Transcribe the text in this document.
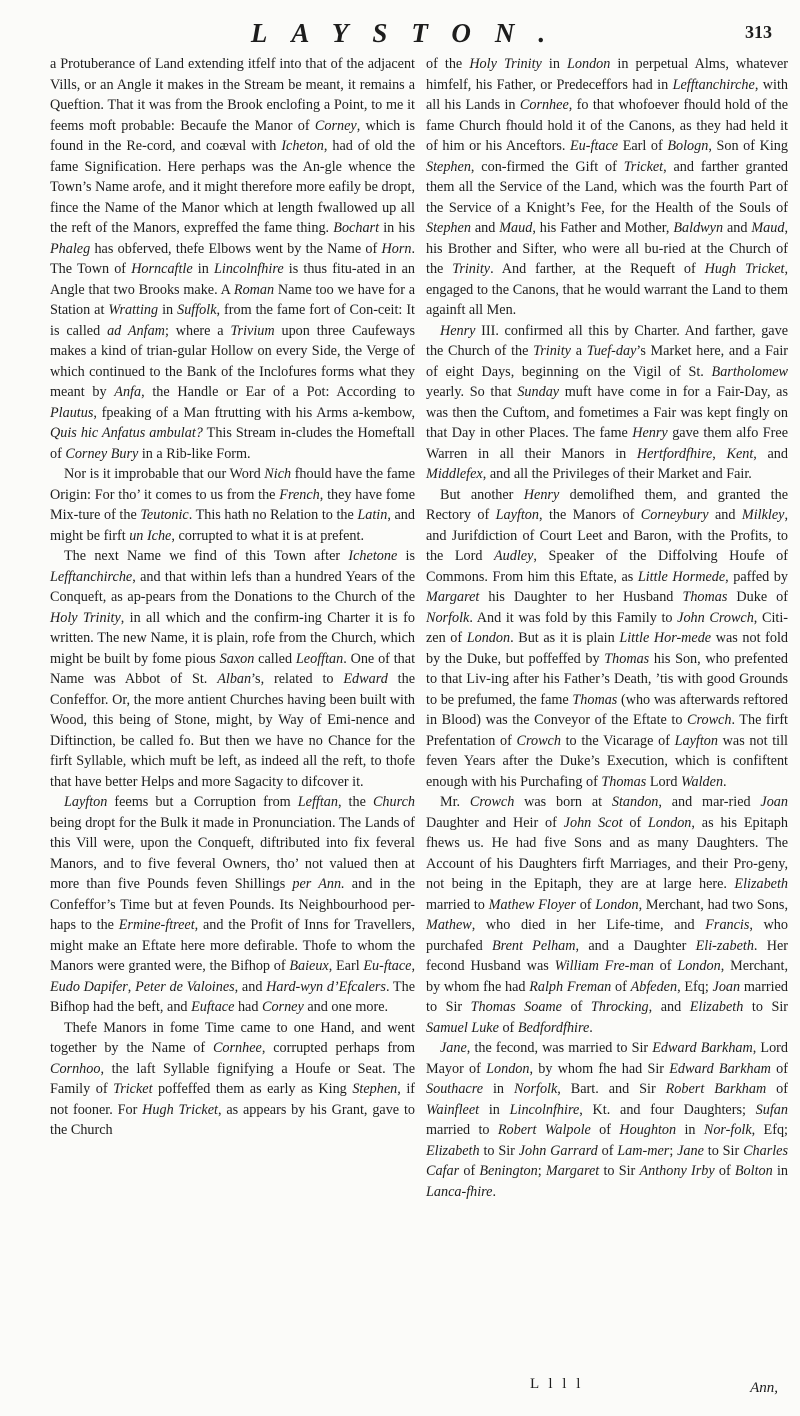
LAYSTON.	313

a Protuberance of Land extending itfelf into that of the adjacent Vills, or an Angle it makes in the Stream be meant, it remains a Queftion. That it was from the Brook enclofing a Point, to me it feems moft probable: Becaufe the Manor of Corney, which is found in the Re-cord, and coæval with Icheton, had of old the fame Signification. Here perhaps was the An-gle whence the Town’s Name arofe, and it might therefore more eafily be dropt, fince the Name of the Manor which at length fwallowed up all the reft of the Manors, expreffed the fame thing. Bochart in his Phaleg has obferved, thefe Elbows went by the Name of Horn. The Town of Horncaftle in Lincolnfhire is thus fitu-ated in an Angle that two Brooks make. A Roman Name too we have for a Station at Wratting in Suffolk, from the fame fort of Con-ceit: It is called ad Anfam; where a Trivium upon three Caufeways makes a kind of trian-gular Hollow on every Side, the Verge of which continued to the Bank of the Inclofures forms what they meant by Anfa, the Handle or Ear of a Pot: According to Plautus, fpeaking of a Man ftrutting with his Arms a-kembow, Quis hic Anfatus ambulat? This Stream in-cludes the Homeftall of Corney Bury in a Rib-like Form.

Nor is it improbable that our Word Nich fhould have the fame Origin: For tho’ it comes to us from the French, they have fome Mix-ture of the Teutonic. This hath no Relation to the Latin, and might be firft un Iche, corrupted to what it is at prefent.

The next Name we find of this Town after Ichetone is Lefftanchirche, and that within lefs than a hundred Years of the Conqueft, as ap-pears from the Donations to the Church of the Holy Trinity, in all which and the confirm-ing Charter it is fo written. The new Name, it is plain, rofe from the Church, which might be built by fome pious Saxon called Leofftan. One of that Name was Abbot of St. Alban’s, related to Edward the Confeffor. Or, the more antient Churches having been built with Wood, this being of Stone, might, by Way of Emi-nence and Diftinction, be called fo. But then we have no Chance for the firft Syllable, which muft be left, as indeed all the reft, to thofe that have better Helps and more Sagacity to difcover it.

Layfton feems but a Corruption from Lefftan, the Church being dropt for the Bulk it made in Pronunciation. The Lands of this Vill were, upon the Conqueft, diftributed into fix feveral Manors, and to five feveral Owners, tho’ not valued then at more than five Pounds feven Shillings per Ann. and in the Confeffor’s Time but at feven Pounds. Its Neighbourhood per-haps to the Ermine-ftreet, and the Profit of Inns for Travellers, might make an Eftate here more defirable. Thofe to whom the Manors were granted were, the Bifhop of Baieux, Earl Eu-ftace, Eudo Dapifer, Peter de Valoines, and Hard-wyn d’Efcalers. The Bifhop had the beft, and Euftace had Corney and one more.

Thefe Manors in fome Time came to one Hand, and went together by the Name of Cornhee, corrupted perhaps from Cornhoo, the laft Syllable fignifying a Houfe or Seat. The Family of Tricket poffeffed them as early as King Stephen, if not fooner. For Hugh Tricket, as appears by his Grant, gave to the Church

of the Holy Trinity in London in perpetual Alms, whatever himfelf, his Father, or Predeceffors had in Lefftanchirche, with all his Lands in Cornhee, fo that whofoever fhould hold of the fame Church fhould hold it of the Canons, as they had held it of him or his Anceftors. Eu-ftace Earl of Bologn, Son of King Stephen, con-firmed the Gift of Tricket, and farther granted them all the Service of the Land, which was the fourth Part of the Service of a Knight’s Fee, for the Health of the Souls of Stephen and Maud, his Father and Mother, Baldwyn and Maud, his Brother and Sifter, who were all bu-ried at the Church of the Trinity. And farther, at the Requeft of Hugh Tricket, engaged to the Canons, that he would warrant the Land to them againft all Men.

Henry III. confirmed all this by Charter. And farther, gave the Church of the Trinity a Tuef-day’s Market here, and a Fair of eight Days, beginning on the Vigil of St. Bartholomew yearly. So that Sunday muft have come in for a Fair-Day, as was then the Cuftom, and fometimes a Fair was kept fingly on that Day in other Places. The fame Henry gave them alfo Free Warren in all their Manors in Hertfordfhire, Kent, and Middlefex, and all the Privileges of their Market and Fair.

But another Henry demolifhed them, and granted the Rectory of Layfton, the Manors of Corneybury and Milkley, and Jurifdiction of Court Leet and Baron, with the Profits, to the Lord Audley, Speaker of the Diffolving Houfe of Commons. From him this Eftate, as Little Hormede, paffed by Margaret his Daughter to her Husband Thomas Duke of Norfolk. And it was fold by this Family to John Crowch, Citi-zen of London. But as it is plain Little Hor-mede was not fold by the Duke, but poffeffed by Thomas his Son, who prefented to that Liv-ing after his Father’s Death, ’tis with good Grounds to be prefumed, the fame Thomas (who was afterwards reftored in Blood) was the Conveyor of the Eftate to Crowch. The firft Prefentation of Crowch to the Vicarage of Layfton was not till feven Years after the Duke’s Execution, which is confiftent enough with his Purchafing of Thomas Lord Walden.

Mr. Crowch was born at Standon, and mar-ried Joan Daughter and Heir of John Scot of London, as his Epitaph fhews us. He had five Sons and as many Daughters. The Account of his Daughters firft Marriages, and their Pro-geny, not being in the Epitaph, they are at large here. Elizabeth married to Mathew Floyer of London, Merchant, had two Sons, Mathew, who died in her Life-time, and Francis, who purchafed Brent Pelham, and a Daughter Eli-zabeth. Her fecond Husband was William Fre-man of London, Merchant, by whom fhe had Ralph Freman of Abfeden, Efq; Joan married to Sir Thomas Soame of Throcking, and Elizabeth to Sir Samuel Luke of Bedfordfhire.

Jane, the fecond, was married to Sir Edward Barkham, Lord Mayor of London, by whom fhe had Sir Edward Barkham of Southacre in Norfolk, Bart. and Sir Robert Barkham of Wainfleet in Lincolnfhire, Kt. and four Daughters; Sufan married to Robert Walpole of Houghton in Nor-folk, Efq; Elizabeth to Sir John Garrard of Lam-mer; Jane to Sir Charles Cafar of Benington; Margaret to Sir Anthony Irby of Bolton in Lanca-fhire.

L l l l	Ann,
